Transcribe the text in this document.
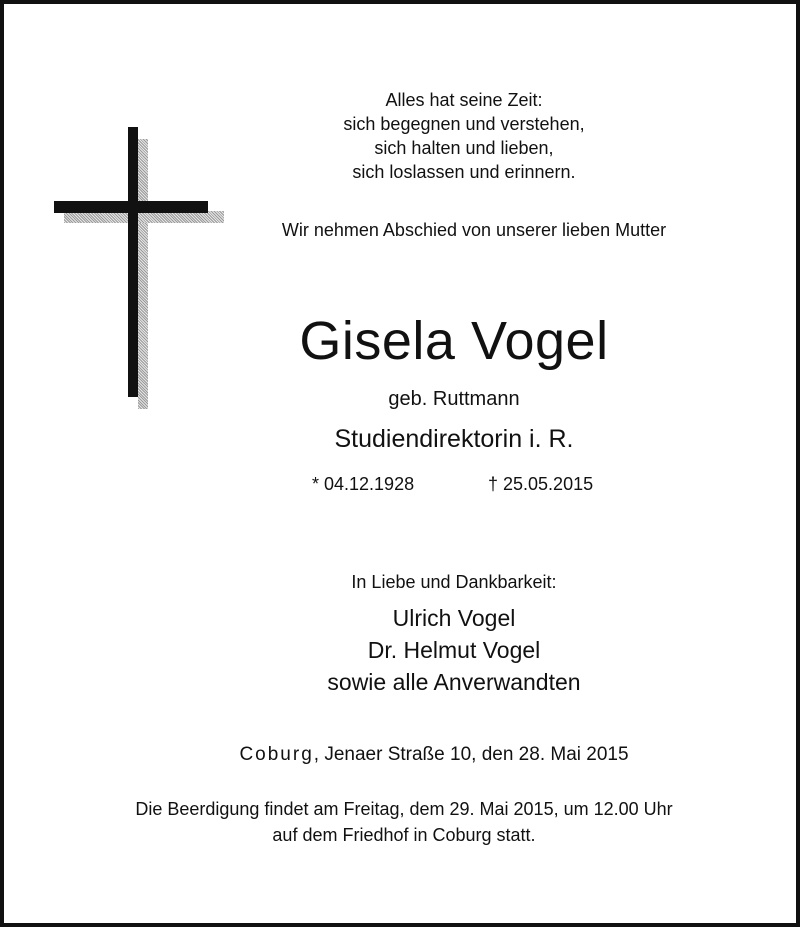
Alles hat seine Zeit:
sich begegnen und verstehen,
sich halten und lieben,
sich loslassen und erinnern.
Wir nehmen Abschied von unserer lieben Mutter
Gisela Vogel
geb. Ruttmann
Studiendirektorin i. R.
* 04.12.1928	† 25.05.2015
In Liebe und Dankbarkeit:
Ulrich Vogel
Dr. Helmut Vogel
sowie alle Anverwandten
Coburg, Jenaer Straße 10, den 28. Mai 2015
Die Beerdigung findet am Freitag, dem 29. Mai 2015, um 12.00 Uhr
auf dem Friedhof in Coburg statt.
